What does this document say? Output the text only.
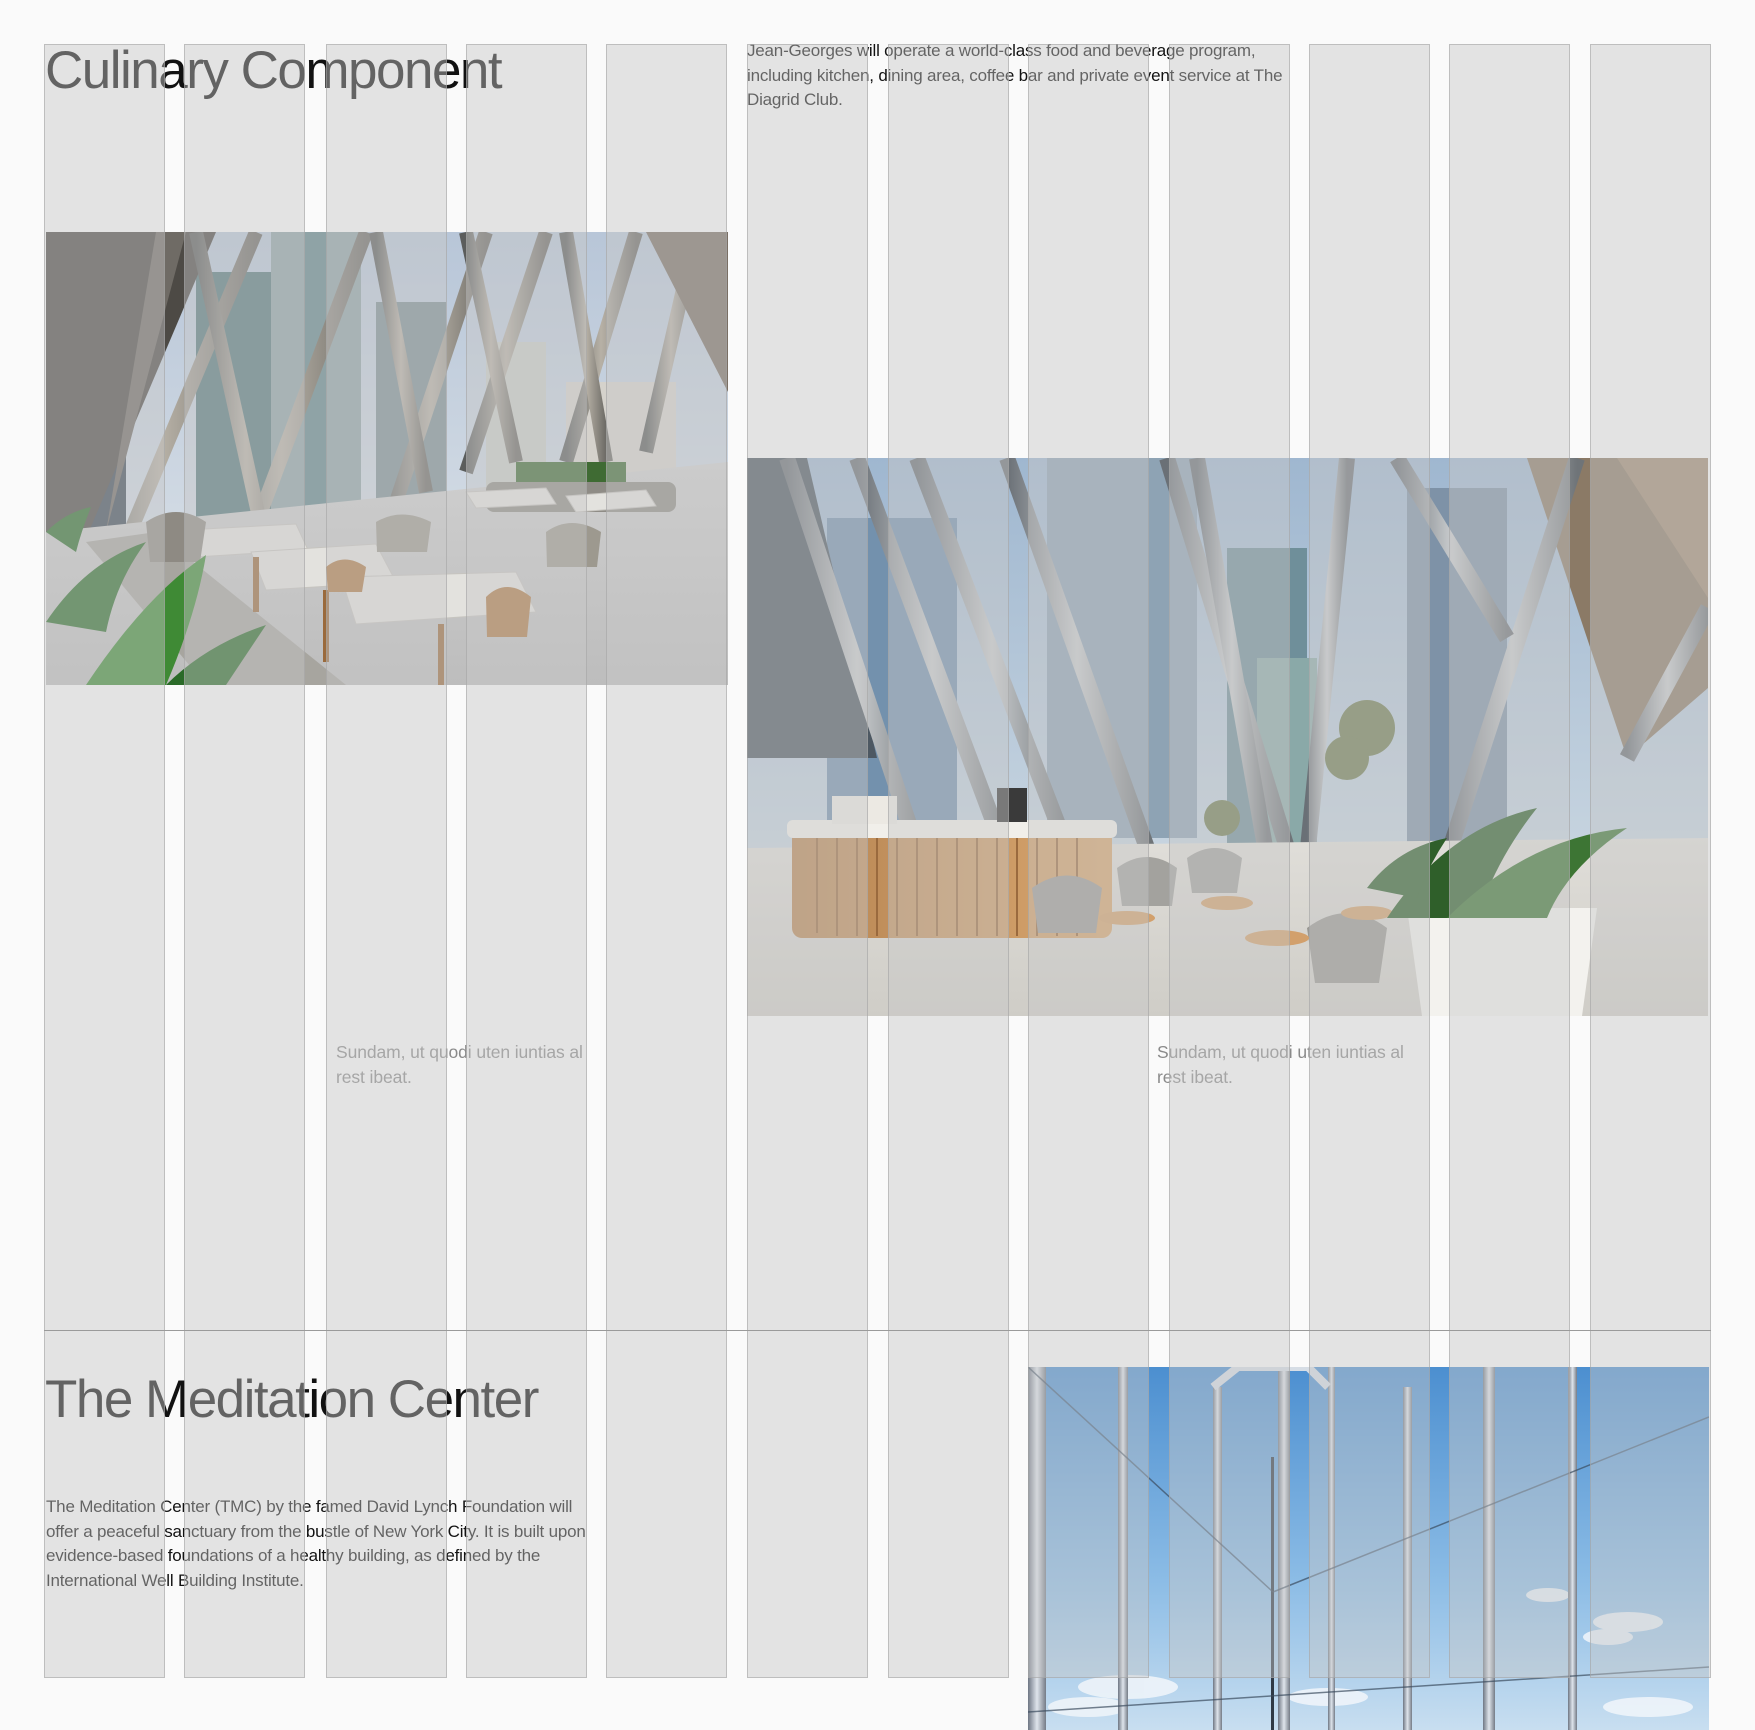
Culinary Component	Jean-Georges will operate a world-class food and beverage program, including kitchen, dining area, coffee bar and private event service at The Diagrid Club.

Sundam, ut quodi uten iuntias al rest ibeat.

Sundam, ut quodi uten iuntias al rest ibeat.

The Meditation Center

The Meditation Center (TMC) by the famed David Lynch Foundation will offer a peaceful sanctuary from the bustle of New York City. It is built upon evidence-based foundations of a healthy building, as defined by the International Well Building Institute.
